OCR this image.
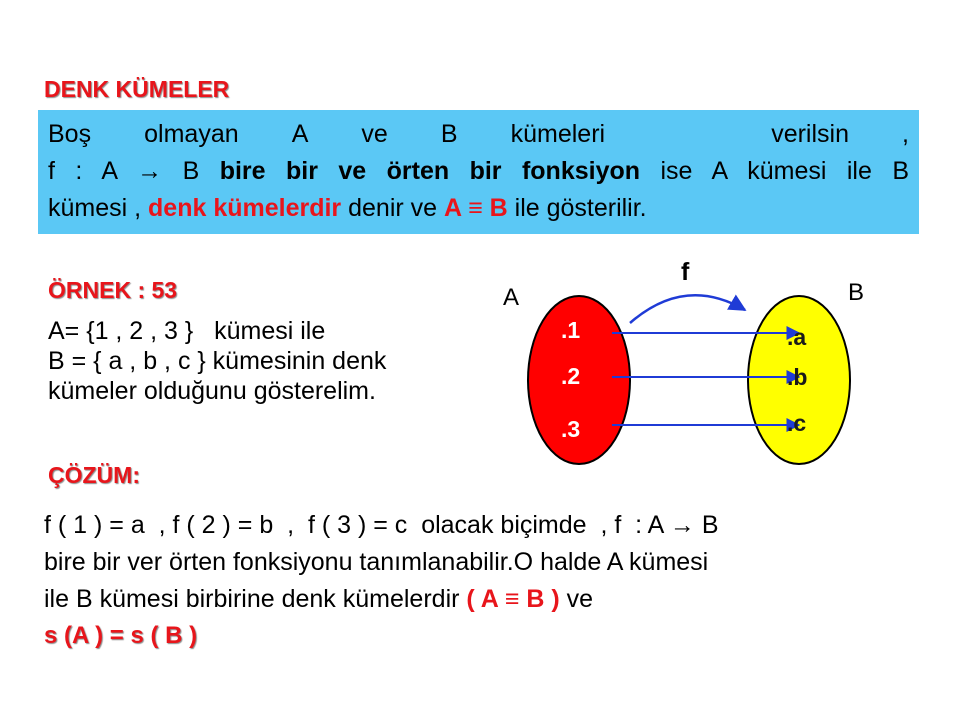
DENK KÜMELER
Boş olmayan A ve B kümeleri	verilsin ,
f : A → B bire bir ve örten bir fonksiyon ise A kümesi ile B
kümesi , denk kümelerdir denir ve A ≡ B ile gösterilir.
ÖRNEK : 53
A= {1 , 2 , 3 }   kümesi ile
B = { a , b , c } kümesinin denk
kümeler olduğunu gösterelim.
f
A	B
.1
.2
.3
.a
.b
.c
ÇÖZÜM:
f ( 1 ) = a  , f ( 2 ) = b  ,  f ( 3 ) = c  olacak biçimde  , f  : A → B
bire bir ver örten fonksiyonu tanımlanabilir.O halde A kümesi
ile B kümesi birbirine denk kümelerdir ( A ≡ B ) ve
s (A ) = s ( B )
